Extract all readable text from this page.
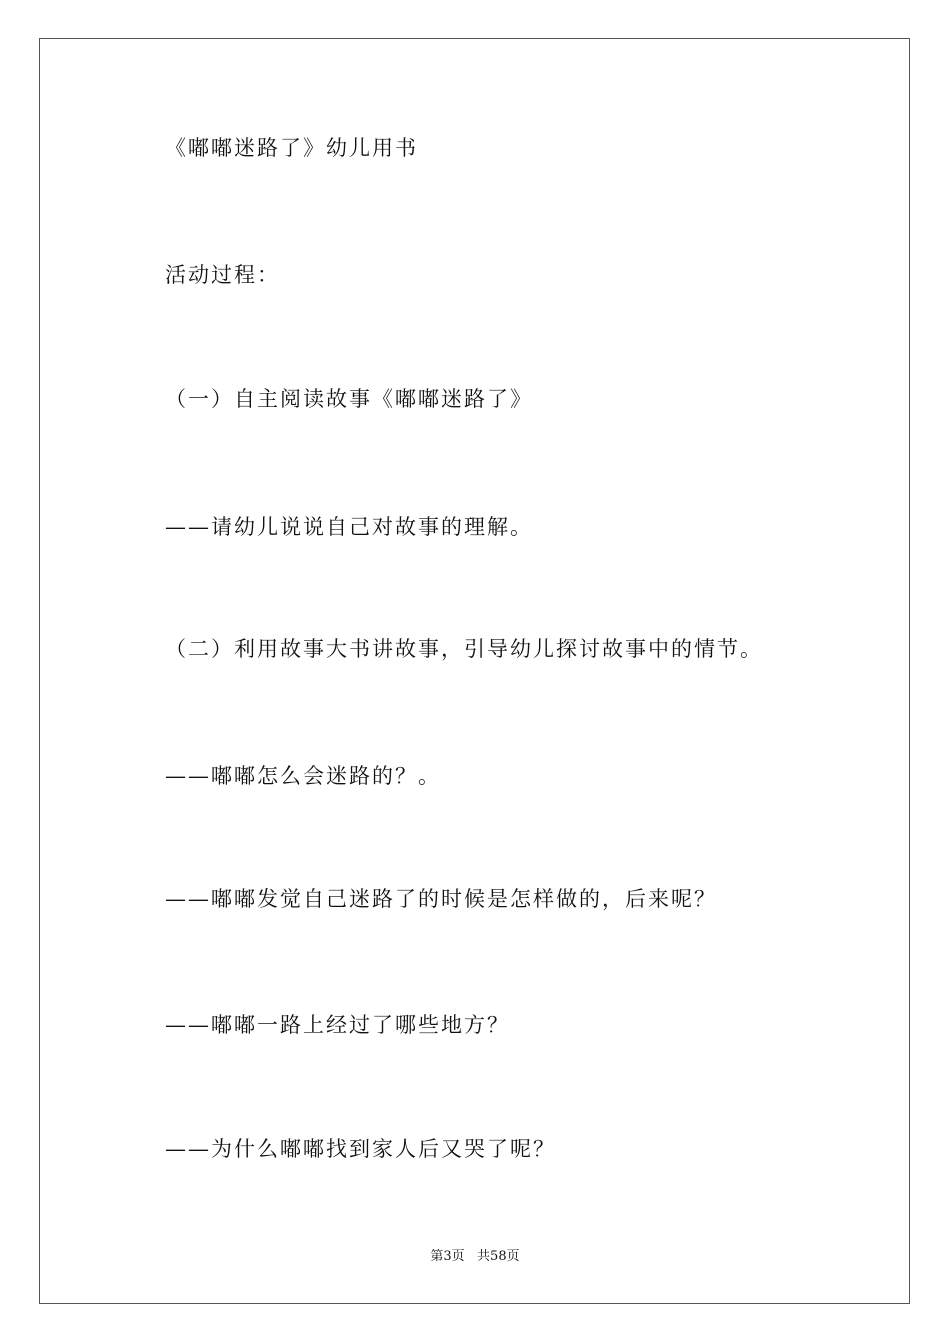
《嘟嘟迷路了》幼儿用书
活动过程：
（一）自主阅读故事《嘟嘟迷路了》
——请幼儿说说自己对故事的理解。
（二）利用故事大书讲故事，引导幼儿探讨故事中的情节。
——嘟嘟怎么会迷路的？。
——嘟嘟发觉自己迷路了的时候是怎样做的，后来呢？
——嘟嘟一路上经过了哪些地方？
——为什么嘟嘟找到家人后又哭了呢？
第3页   共58页
